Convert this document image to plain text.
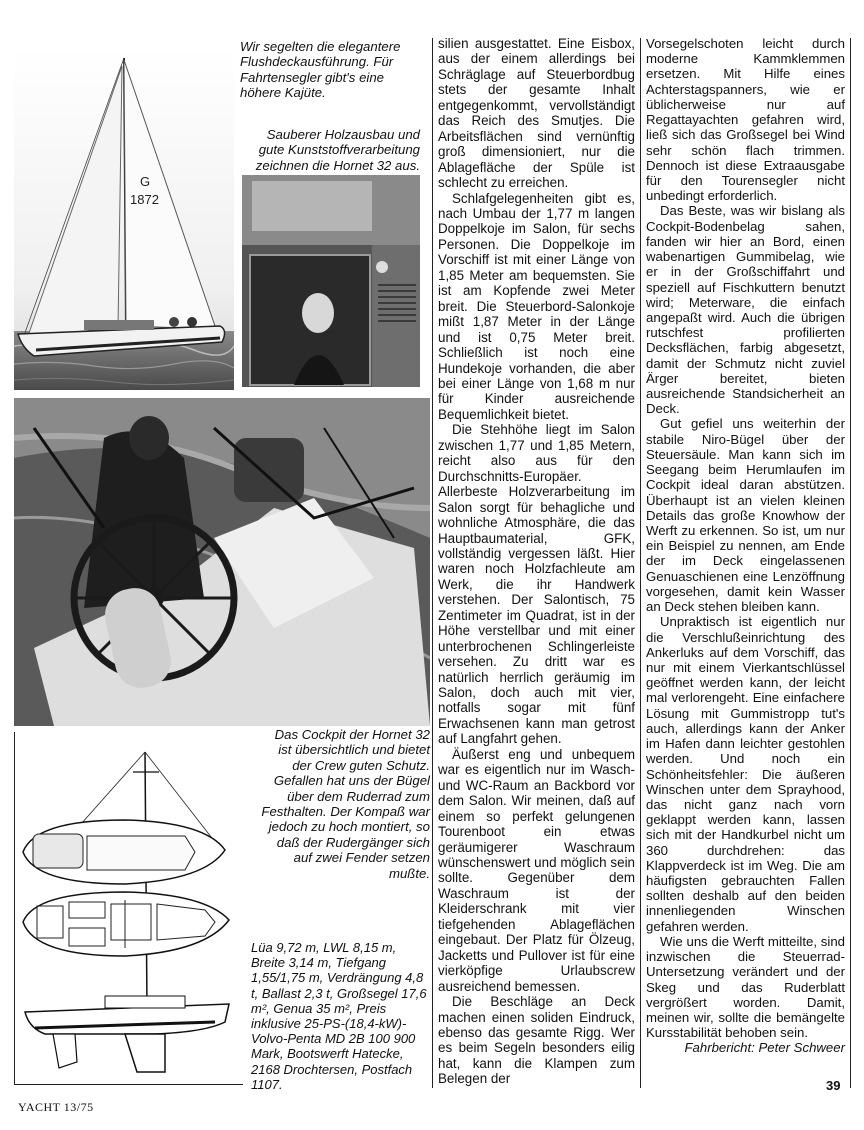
G
1872

Wir segelten die elegantere Flushdeckausführung. Für Fahrtensegler gibt's eine höhere Kajüte.

Sauberer Holzausbau und gute Kunststoffverarbeitung zeichnen die Hornet 32 aus.

Das Cockpit der Hornet 32 ist übersichtlich und bietet der Crew guten Schutz. Gefallen hat uns der Bügel über dem Ruderrad zum Festhalten. Der Kompaß war jedoch zu hoch montiert, so daß der Rudergänger sich auf zwei Fender setzen mußte.

Lüa 9,72 m, LWL 8,15 m, Breite 3,14 m, Tiefgang 1,55/1,75 m, Verdrängung 4,8 t, Ballast 2,3 t, Großsegel 17,6 m², Genua 35 m², Preis inklusive 25-PS-(18,4-kW)-Volvo-Penta MD 2B 100 900 Mark, Bootswerft Hatecke, 2168 Drochtersen, Postfach 1107.

silien ausgestattet. Eine Eisbox, aus der einem allerdings bei Schräglage auf Steuerbordbug stets der gesamte Inhalt entgegenkommt, vervollständigt das Reich des Smutjes. Die Arbeitsflächen sind vernünftig groß dimensioniert, nur die Ablagefläche der Spüle ist schlecht zu erreichen.

Schlafgelegenheiten gibt es, nach Umbau der 1,77 m langen Doppelkoje im Salon, für sechs Personen. Die Doppelkoje im Vorschiff ist mit einer Länge von 1,85 Meter am bequemsten. Sie ist am Kopfende zwei Meter breit. Die Steuerbord-Salonkoje mißt 1,87 Meter in der Länge und ist 0,75 Meter breit. Schließlich ist noch eine Hundekoje vorhanden, die aber bei einer Länge von 1,68 m nur für Kinder ausreichende Bequemlichkeit bietet.

Die Stehhöhe liegt im Salon zwischen 1,77 und 1,85 Metern, reicht also aus für den Durchschnitts-Europäer. Allerbeste Holzverarbeitung im Salon sorgt für behagliche und wohnliche Atmosphäre, die das Hauptbaumaterial, GFK, vollständig vergessen läßt. Hier waren noch Holzfachleute am Werk, die ihr Handwerk verstehen. Der Salontisch, 75 Zentimeter im Quadrat, ist in der Höhe verstellbar und mit einer unterbrochenen Schlingerleiste versehen. Zu dritt war es natürlich herrlich geräumig im Salon, doch auch mit vier, notfalls sogar mit fünf Erwachsenen kann man getrost auf Langfahrt gehen.

Äußerst eng und unbequem war es eigentlich nur im Wasch- und WC-Raum an Backbord vor dem Salon. Wir meinen, daß auf einem so perfekt gelungenen Tourenboot ein etwas geräumigerer Waschraum wünschenswert und möglich sein sollte. Gegenüber dem Waschraum ist der Kleiderschrank mit vier tiefgehenden Ablageflächen eingebaut. Der Platz für Ölzeug, Jacketts und Pullover ist für eine vierköpfige Urlaubscrew ausreichend bemessen.

Die Beschläge an Deck machen einen soliden Eindruck, ebenso das gesamte Rigg. Wer es beim Segeln besonders eilig hat, kann die Klampen zum Belegen der

Vorsegelschoten leicht durch moderne Kammklemmen ersetzen. Mit Hilfe eines Achterstagspanners, wie er üblicherweise nur auf Regattayachten gefahren wird, ließ sich das Großsegel bei Wind sehr schön flach trimmen. Dennoch ist diese Extraausgabe für den Tourensegler nicht unbedingt erforderlich.

Das Beste, was wir bislang als Cockpit-Bodenbelag sahen, fanden wir hier an Bord, einen wabenartigen Gummibelag, wie er in der Großschiffahrt und speziell auf Fischkuttern benutzt wird; Meterware, die einfach angepaßt wird. Auch die übrigen rutschfest profilierten Decksflächen, farbig abgesetzt, damit der Schmutz nicht zuviel Ärger bereitet, bieten ausreichende Standsicherheit an Deck.

Gut gefiel uns weiterhin der stabile Niro-Bügel über der Steuersäule. Man kann sich im Seegang beim Herumlaufen im Cockpit ideal daran abstützen. Überhaupt ist an vielen kleinen Details das große Knowhow der Werft zu erkennen. So ist, um nur ein Beispiel zu nennen, am Ende der im Deck eingelassenen Genuaschienen eine Lenzöffnung vorgesehen, damit kein Wasser an Deck stehen bleiben kann.

Unpraktisch ist eigentlich nur die Verschlußeinrichtung des Ankerluks auf dem Vorschiff, das nur mit einem Vierkantschlüssel geöffnet werden kann, der leicht mal verlorengeht. Eine einfachere Lösung mit Gummistropp tut's auch, allerdings kann der Anker im Hafen dann leichter gestohlen werden. Und noch ein Schönheitsfehler: Die äußeren Winschen unter dem Sprayhood, das nicht ganz nach vorn geklappt werden kann, lassen sich mit der Handkurbel nicht um 360 durchdrehen: das Klappverdeck ist im Weg. Die am häufigsten gebrauchten Fallen sollten deshalb auf den beiden innenliegenden Winschen gefahren werden.

Wie uns die Werft mitteilte, sind inzwischen die Steuerrad-Untersetzung verändert und der Skeg und das Ruderblatt vergrößert worden. Damit, meinen wir, sollte die bemängelte Kursstabilität behoben sein.

Fahrbericht: Peter Schweer

YACHT 13/75
39
